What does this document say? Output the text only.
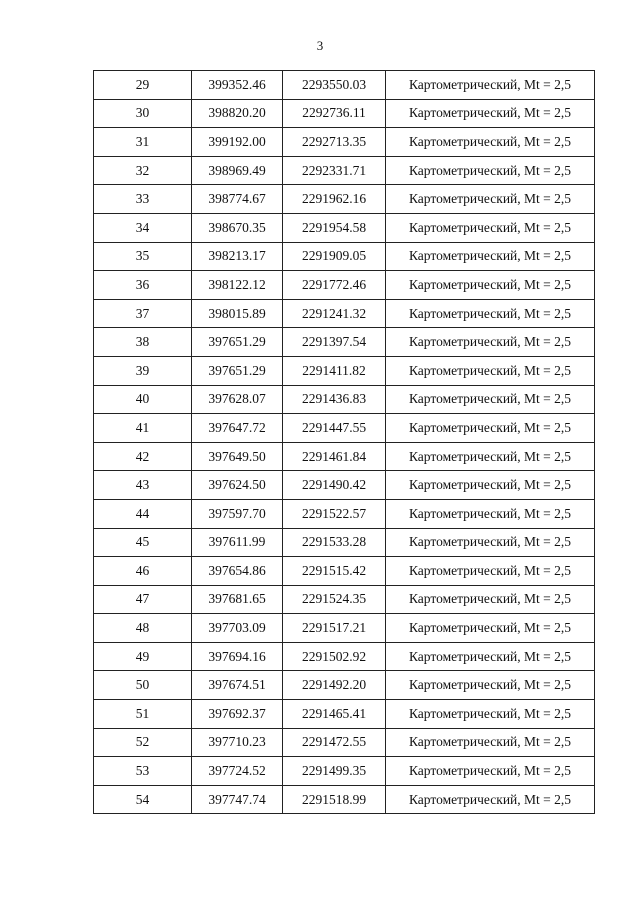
3
29	399352.46	2293550.03	Картометрический, Mt = 2,5
30	398820.20	2292736.11	Картометрический, Mt = 2,5
31	399192.00	2292713.35	Картометрический, Mt = 2,5
32	398969.49	2292331.71	Картометрический, Mt = 2,5
33	398774.67	2291962.16	Картометрический, Mt = 2,5
34	398670.35	2291954.58	Картометрический, Mt = 2,5
35	398213.17	2291909.05	Картометрический, Mt = 2,5
36	398122.12	2291772.46	Картометрический, Mt = 2,5
37	398015.89	2291241.32	Картометрический, Mt = 2,5
38	397651.29	2291397.54	Картометрический, Mt = 2,5
39	397651.29	2291411.82	Картометрический, Mt = 2,5
40	397628.07	2291436.83	Картометрический, Mt = 2,5
41	397647.72	2291447.55	Картометрический, Mt = 2,5
42	397649.50	2291461.84	Картометрический, Mt = 2,5
43	397624.50	2291490.42	Картометрический, Mt = 2,5
44	397597.70	2291522.57	Картометрический, Mt = 2,5
45	397611.99	2291533.28	Картометрический, Mt = 2,5
46	397654.86	2291515.42	Картометрический, Mt = 2,5
47	397681.65	2291524.35	Картометрический, Mt = 2,5
48	397703.09	2291517.21	Картометрический, Mt = 2,5
49	397694.16	2291502.92	Картометрический, Mt = 2,5
50	397674.51	2291492.20	Картометрический, Mt = 2,5
51	397692.37	2291465.41	Картометрический, Mt = 2,5
52	397710.23	2291472.55	Картометрический, Mt = 2,5
53	397724.52	2291499.35	Картометрический, Mt = 2,5
54	397747.74	2291518.99	Картометрический, Mt = 2,5
